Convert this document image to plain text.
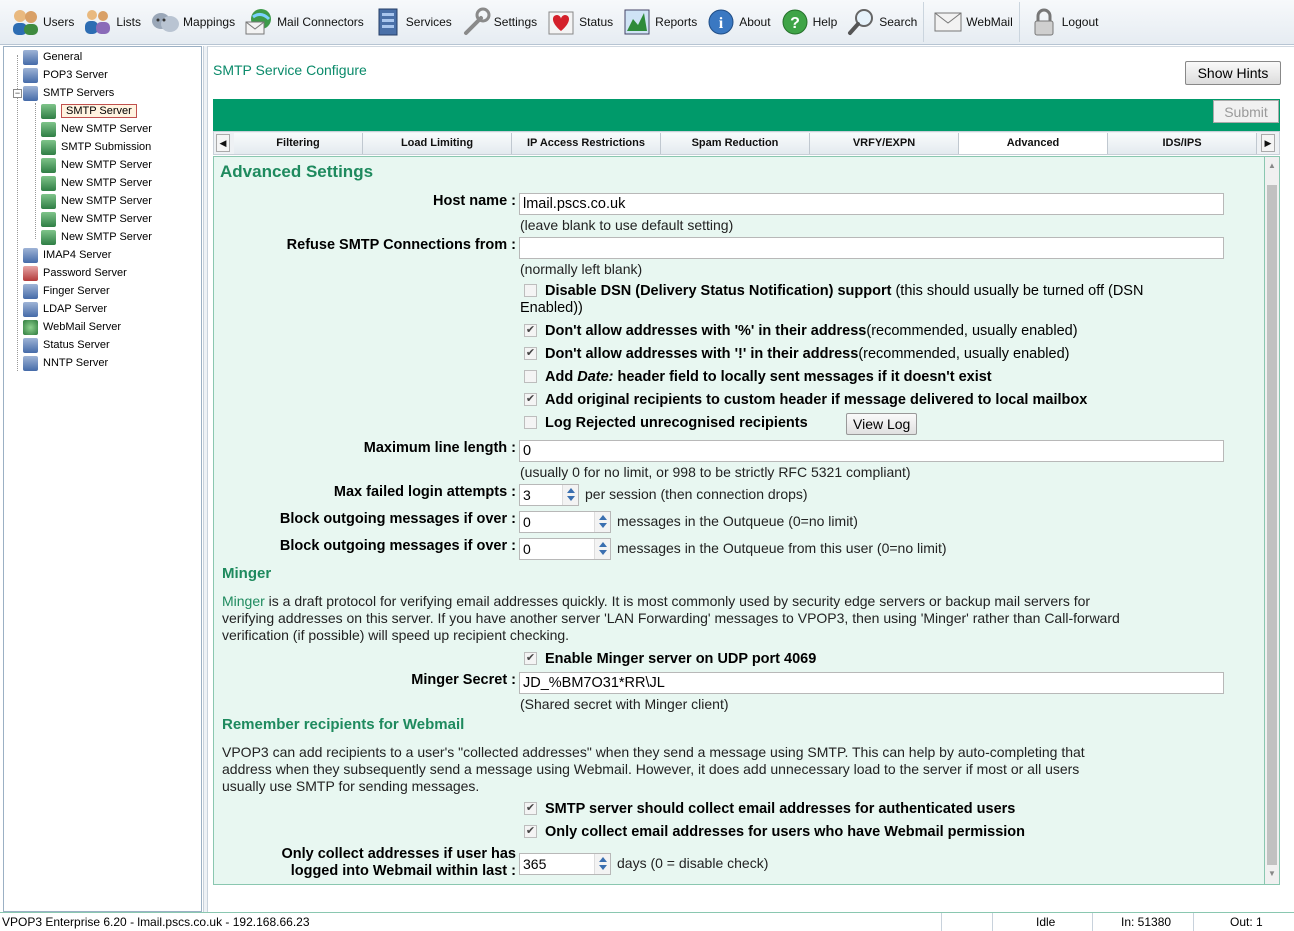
Users	Lists	Mappings	Mail Connectors	Services	Settings	Status	Reports i About ? Help	Search	WebMail	Logout
−
General
POP3 Server
SMTP Servers
SMTP Server
New SMTP Server
SMTP Submission
New SMTP Server
New SMTP Server
New SMTP Server
New SMTP Server
New SMTP Server
IMAP4 Server
Password Server
Finger Server
LDAP Server
WebMail Server
Status Server
NNTP Server
SMTP Service Configure	Show Hints
Submit
◀	Filtering	Load Limiting	IP Access Restrictions	Spam Reduction	VRFY/EXPN	Advanced	IDS/IPS	▶
Advanced Settings
Host name :
lmail.pscs.co.uk
(leave blank to use default setting)
Refuse SMTP Connections from :
(normally left blank)
Disable DSN (Delivery Status Notification) support (this should usually be turned off (DSN
Enabled))
✔ Don't allow addresses with '%' in their address(recommended, usually enabled)
✔ Don't allow addresses with '!' in their address(recommended, usually enabled)
Add Date: header field to locally sent messages if it doesn't exist
✔ Add original recipients to custom header if message delivered to local mailbox
Log Rejected unrecognised recipients	View Log
Maximum line length :
0
(usually 0 for no limit, or 998 to be strictly RFC 5321 compliant)
Max failed login attempts : 3	per session (then connection drops)
Block outgoing messages if over : 0	messages in the Outqueue (0=no limit)
Block outgoing messages if over : 0	messages in the Outqueue from this user (0=no limit)
Minger
Minger is a draft protocol for verifying email addresses quickly. It is most commonly used by security edge servers or backup mail servers for
verifying addresses on this server. If you have another server 'LAN Forwarding' messages to VPOP3, then using 'Minger' rather than Call-forward
verification (if possible) will speed up recipient checking.
✔ Enable Minger server on UDP port 4069
Minger Secret :
JD_%BM7O31*RR\JL
(Shared secret with Minger client)
Remember recipients for Webmail
VPOP3 can add recipients to a user's "collected addresses" when they send a message using SMTP. This can help by auto-completing that
address when they subsequently send a message using Webmail. However, it does add unnecessary load to the server if most or all users
usually use SMTP for sending messages.
✔ SMTP server should collect email addresses for authenticated users
✔ Only collect email addresses for users who have Webmail permission
Only collect addresses if user has
logged into Webmail within last : 365	days (0 = disable check)
▲
▼
VPOP3 Enterprise 6.20 - lmail.pscs.co.uk - 192.168.66.23	Idle	In: 51380	Out: 1
